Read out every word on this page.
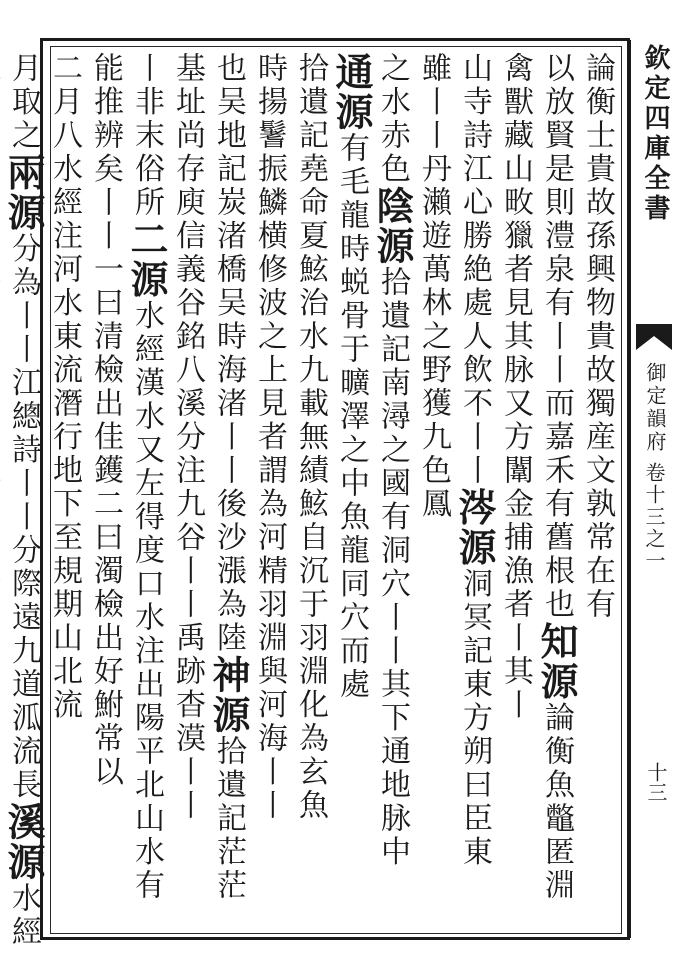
欽定四庫全書
御定韻府
卷十三之一
十三
論衡士貴故孫興物貴故獨産文孰常在有
以放賢是則澧泉有丨丨而嘉禾有舊根也知源論衡魚鼈匿淵
禽獸藏山畋獵者見其脉又方闈金捕漁者丨其丨
山寺詩江心勝絶處人飲不丨丨涔源洞冥記東方朔曰臣東
雖丨丨丹瀨遊萬林之野獲九色鳳
之水赤色陰源拾遺記南潯之國有洞穴丨丨其下通地脉中
通源有毛龍時蜕骨于曠澤之中魚龍同穴而處
拾遺記堯命夏鮌治水九載無績鮌自沉于羽淵化為玄魚
時揚鬐振鱗横修波之上見者謂為河精羽淵與河海丨丨
也吴地記炭渚橋吴時海渚丨丨後沙漲為陸神源拾遺記茫茫
基址尚存庾信義谷銘八溪分注九谷丨丨禹跡杳漠丨丨
丨非末俗所二源水經漢水又左得度口水注出陽平北山水有
能推辨矣丨丨一曰清檢出佳鑊二曰濁檢出好鮒常以
二月八水經注河水東流潛行地下至規期山北流
月取之兩源分為丨丨江總詩丨丨分際遠九道泒流長溪源水經
